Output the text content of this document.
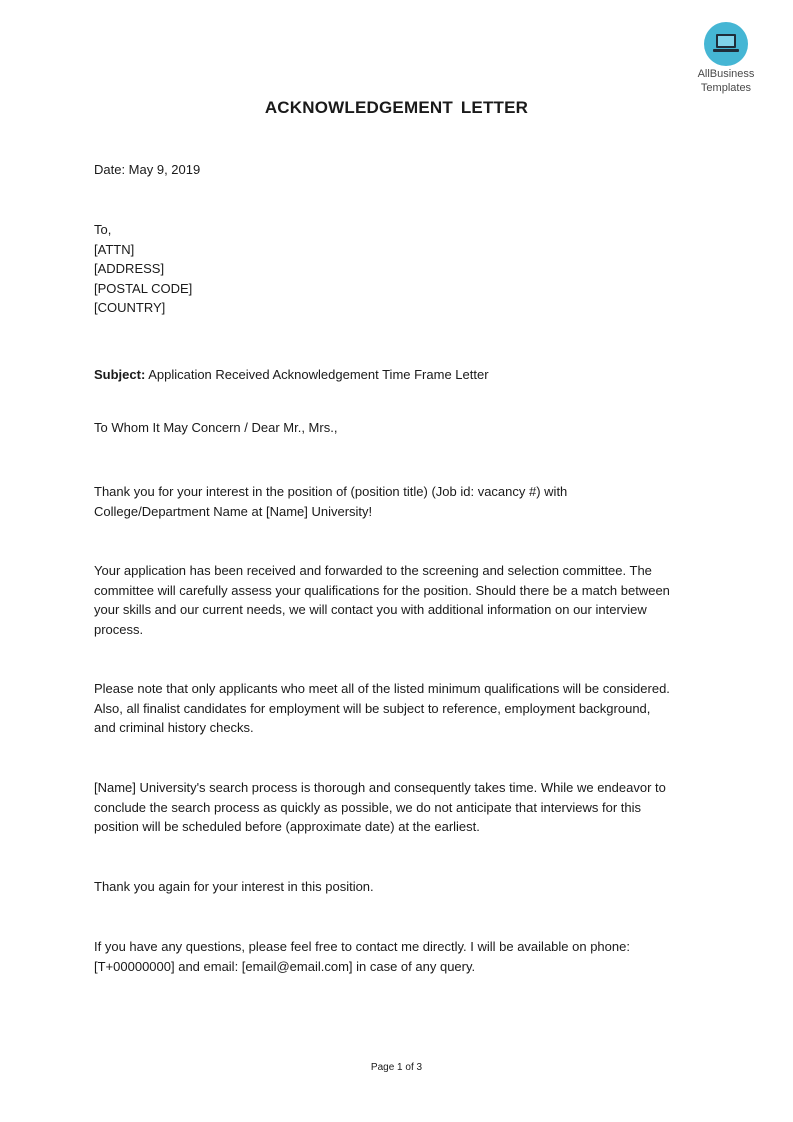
AllBusiness
Templates
ACKNOWLEDGEMENT LETTER
Date: May 9, 2019
To,
[ATTN]
[ADDRESS]
[POSTAL CODE]
[COUNTRY]
Subject: Application Received Acknowledgement Time Frame Letter
To Whom It May Concern / Dear Mr., Mrs.,
Thank you for your interest in the position of (position title) (Job id: vacancy #) with
College/Department Name at [Name] University!
Your application has been received and forwarded to the screening and selection committee. The
committee will carefully assess your qualifications for the position. Should there be a match between
your skills and our current needs, we will contact you with additional information on our interview
process.
Please note that only applicants who meet all of the listed minimum qualifications will be considered.
Also, all finalist candidates for employment will be subject to reference, employment background,
and criminal history checks.
[Name] University's search process is thorough and consequently takes time. While we endeavor to
conclude the search process as quickly as possible, we do not anticipate that interviews for this
position will be scheduled before (approximate date) at the earliest.
Thank you again for your interest in this position.
If you have any questions, please feel free to contact me directly. I will be available on phone:
[T+00000000] and email: [email@email.com] in case of any query.
Page 1 of 3
